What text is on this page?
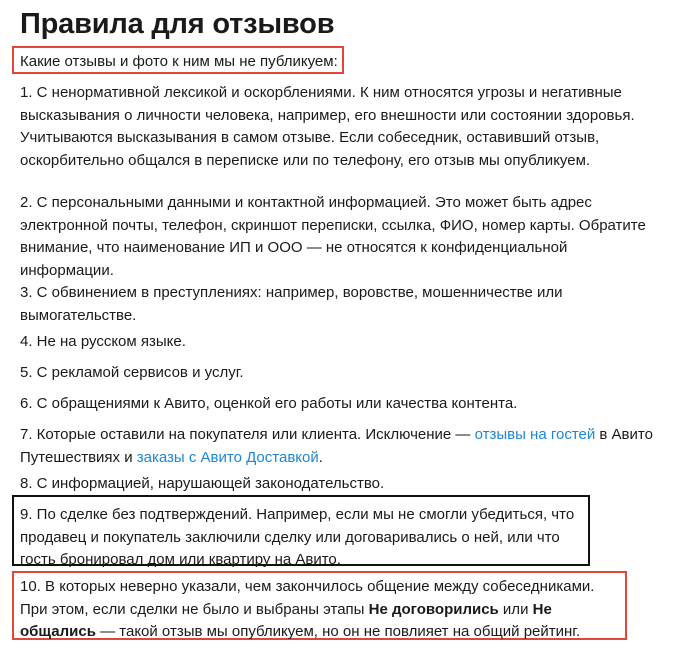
Правила для отзывов
Какие отзывы и фото к ним мы не публикуем:
1. С ненормативной лексикой и оскорблениями. К ним относятся угрозы и негативные высказывания о личности человека, например, его внешности или состоянии здоровья. Учитываются высказывания в самом отзыве. Если собеседник, оставивший отзыв, оскорбительно общался в переписке или по телефону, его отзыв мы опубликуем.
2. С персональными данными и контактной информацией. Это может быть адрес электронной почты, телефон, скриншот переписки, ссылка, ФИО, номер карты. Обратите внимание, что наименование ИП и ООО — не относятся к конфиденциальной информации.
3. С обвинением в преступлениях: например, воровстве, мошенничестве или вымогательстве.
4. Не на русском языке.
5. С рекламой сервисов и услуг.
6. С обращениями к Авито, оценкой его работы или качества контента.
7. Которые оставили на покупателя или клиента. Исключение — отзывы на гостей в Авито Путешествиях и заказы с Авито Доставкой.
8. С информацией, нарушающей законодательство.
9. По сделке без подтверждений. Например, если мы не смогли убедиться, что продавец и покупатель заключили сделку или договаривались о ней, или что гость бронировал дом или квартиру на Авито.
10. В которых неверно указали, чем закончилось общение между собеседниками. При этом, если сделки не было и выбраны этапы Не договорились или Не общались — такой отзыв мы опубликуем, но он не повлияет на общий рейтинг.
